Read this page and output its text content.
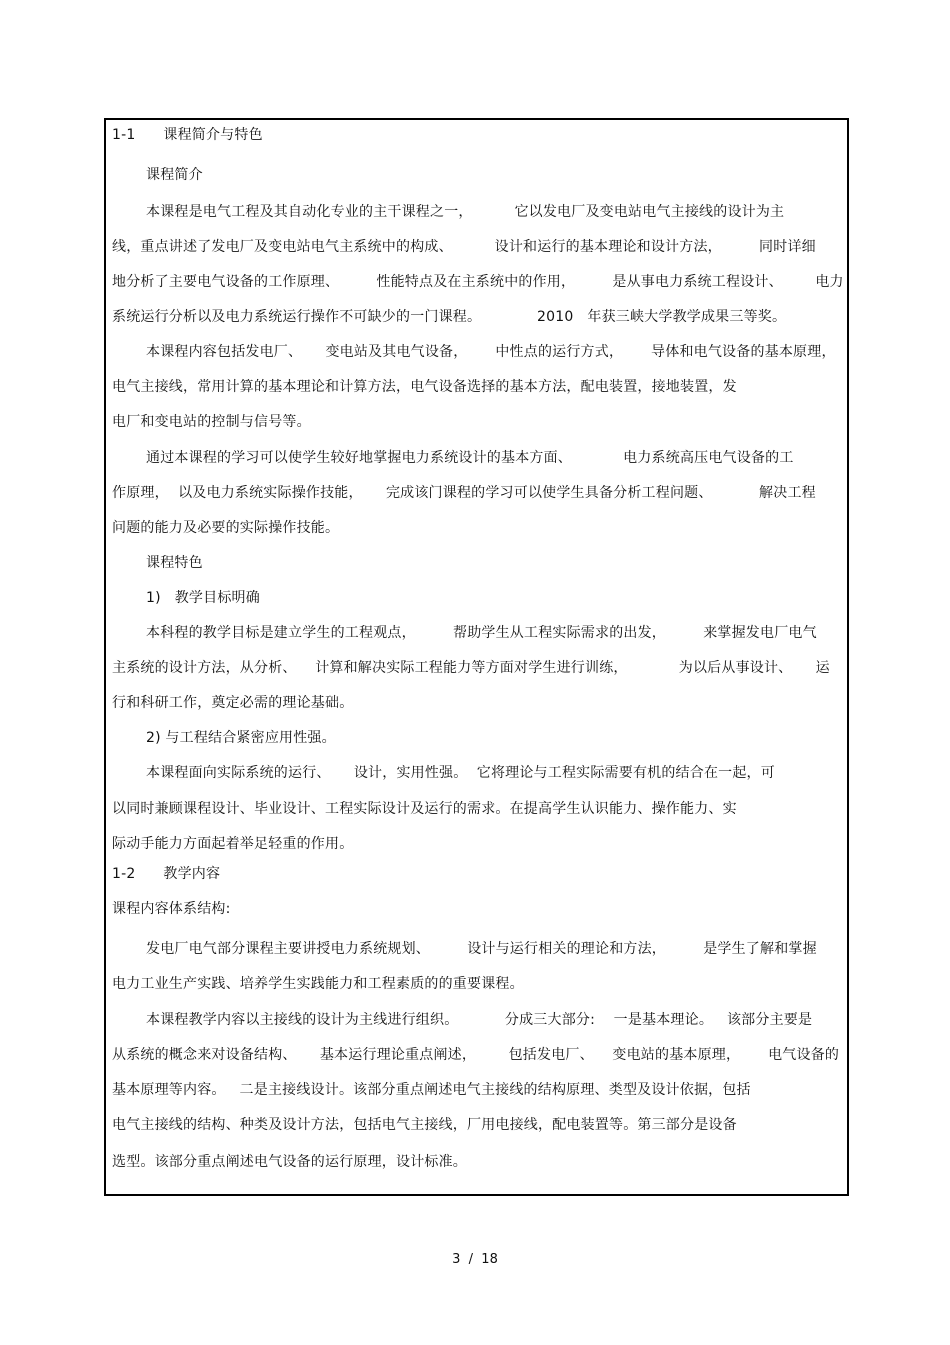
1-1      课程简介与特色
课程简介
本课程是电气工程及其自动化专业的主干课程之一，         它以发电厂及变电站电气主接线的设计为主
线，重点讲述了发电厂及变电站电气主系统中的构成、         设计和运行的基本理论和设计方法，        同时详细
地分析了主要电气设备的工作原理、        性能特点及在主系统中的作用，        是从事电力系统工程设计、       电力
系统运行分析以及电力系统运行操作不可缺少的一门课程。            2010   年获三峡大学教学成果三等奖。
本课程内容包括发电厂、     变电站及其电气设备，      中性点的运行方式，      导体和电气设备的基本原理，
电气主接线，常用计算的基本理论和计算方法，电气设备选择的基本方法，配电装置，接地装置，发
电厂和变电站的控制与信号等。
通过本课程的学习可以使学生较好地掌握电力系统设计的基本方面、           电力系统高压电气设备的工
作原理，  以及电力系统实际操作技能，     完成该门课程的学习可以使学生具备分析工程问题、          解决工程
问题的能力及必要的实际操作技能。
课程特色
1)   教学目标明确
本科程的教学目标是建立学生的工程观点，        帮助学生从工程实际需求的出发，        来掌握发电厂电气
主系统的设计方法，从分析、    计算和解决实际工程能力等方面对学生进行训练，           为以后从事设计、     运
行和科研工作，奠定必需的理论基础。
2) 与工程结合紧密应用性强。
本课程面向实际系统的运行、     设计，实用性强。  它将理论与工程实际需要有机的结合在一起，可
以同时兼顾课程设计、毕业设计、工程实际设计及运行的需求。在提高学生认识能力、操作能力、实
际动手能力方面起着举足轻重的作用。
1-2      教学内容
课程内容体系结构:
发电厂电气部分课程主要讲授电力系统规划、        设计与运行相关的理论和方法，        是学生了解和掌握
电力工业生产实践、培养学生实践能力和工程素质的的重要课程。
本课程教学内容以主接线的设计为主线进行组织。          分成三大部分:    一是基本理论。   该部分主要是
从系统的概念来对设备结构、     基本运行理论重点阐述，       包括发电厂、    变电站的基本原理，      电气设备的
基本原理等内容。   二是主接线设计。该部分重点阐述电气主接线的结构原理、类型及设计依据，包括
电气主接线的结构、种类及设计方法，包括电气主接线，厂用电接线，配电装置等。第三部分是设备
选型。该部分重点阐述电气设备的运行原理，设计标准。
3  /  18
